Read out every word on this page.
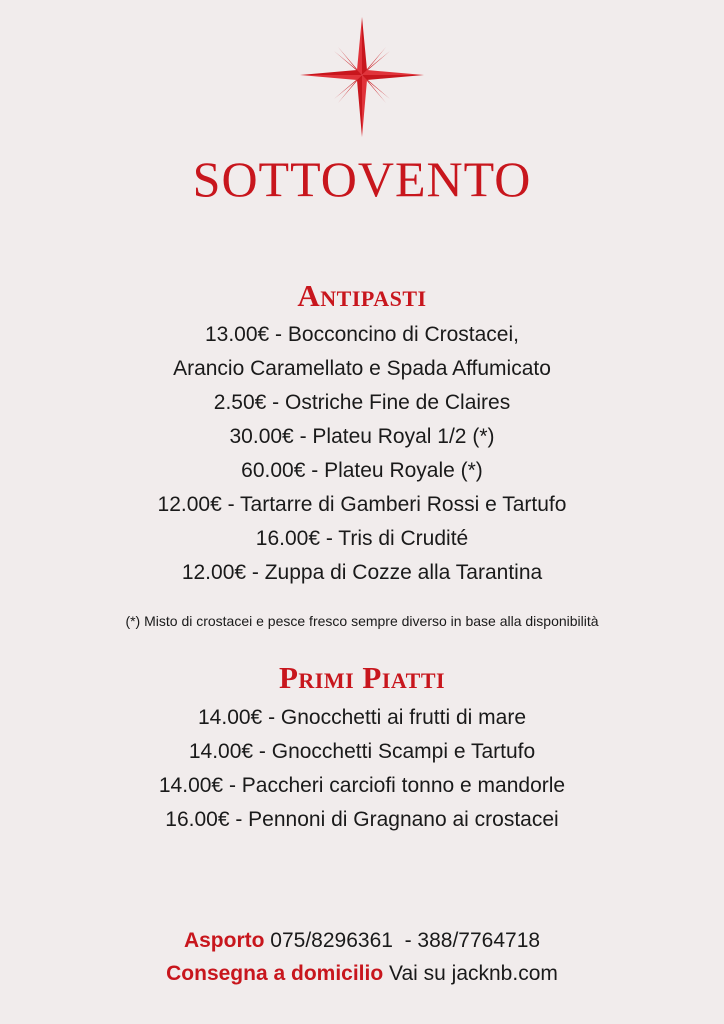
SOTTOVENTO
Antipasti
13.00€ - Bocconcino di Crostacei,
Arancio Caramellato e Spada Affumicato
2.50€ - Ostriche Fine de Claires
30.00€ - Plateu Royal 1/2 (*)
60.00€ - Plateu Royale (*)
12.00€ - Tartarre di Gamberi Rossi e Tartufo
16.00€ - Tris di Crudité
12.00€ - Zuppa di Cozze alla Tarantina

(*) Misto di crostacei e pesce fresco sempre diverso in base alla disponibilità

Primi Piatti
14.00€ - Gnocchetti ai frutti di mare
14.00€ - Gnocchetti Scampi e Tartufo
14.00€ - Paccheri carciofi tonno e mandorle
16.00€ - Pennoni di Gragnano ai crostacei

Asporto 075/8296361  - 388/7764718

Consegna a domicilio Vai su jacknb.com
